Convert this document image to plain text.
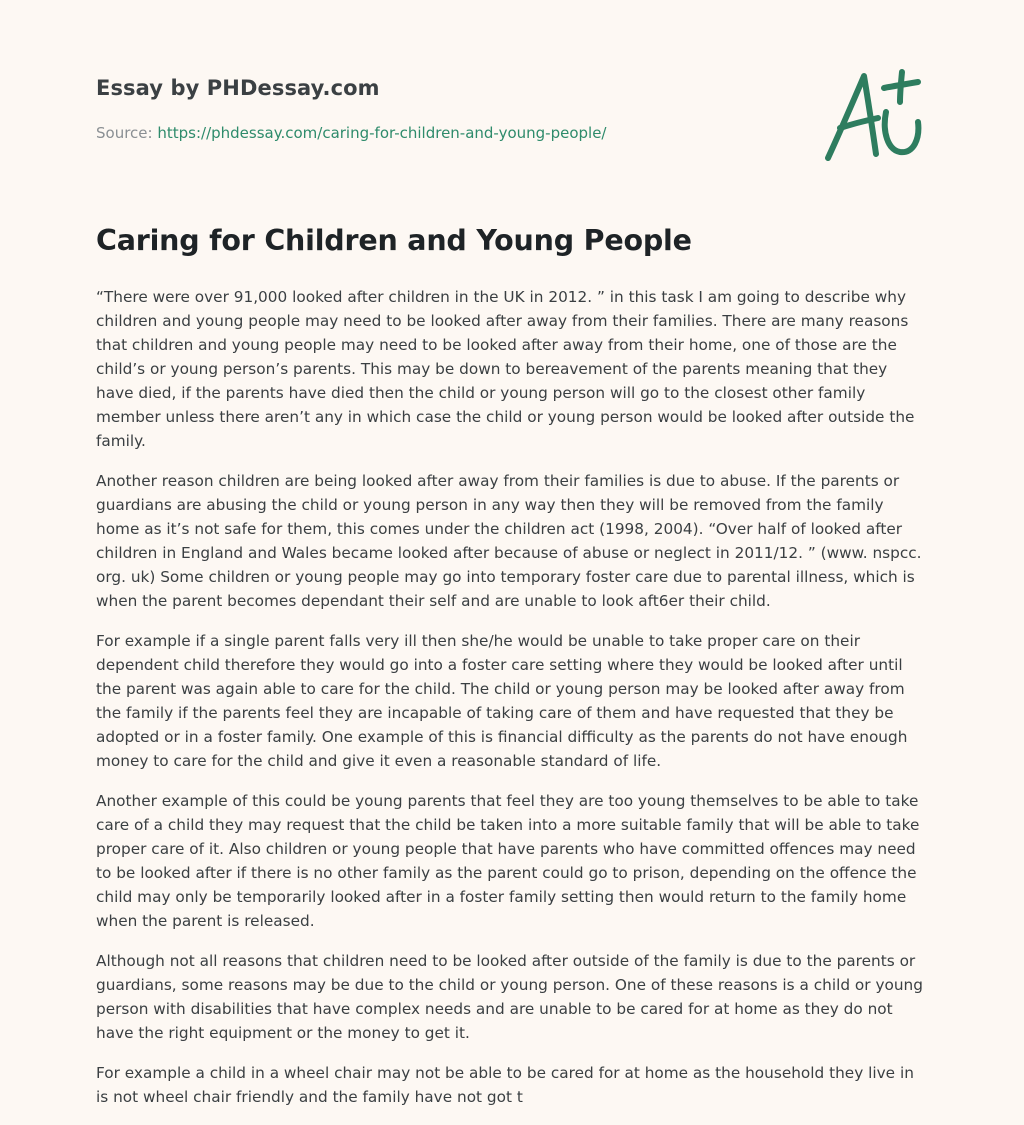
Essay by PHDessay.com
Source: https://phdessay.com/caring-for-children-and-young-people/
Caring for Children and Young People

“There were over 91,000 looked after children in the UK in 2012. ” in this task I am going to describe why children and young people may need to be looked after away from their families. There are many reasons that children and young people may need to be looked after away from their home, one of those are the child’s or young person’s parents. This may be down to bereavement of the parents meaning that they have died, if the parents have died then the child or young person will go to the closest other family member unless there aren’t any in which case the child or young person would be looked after outside the family.

Another reason children are being looked after away from their families is due to abuse. If the parents or guardians are abusing the child or young person in any way then they will be removed from the family home as it’s not safe for them, this comes under the children act (1998, 2004). “Over half of looked after children in England and Wales became looked after because of abuse or neglect in 2011/12. ” (www. nspcc. org. uk) Some children or young people may go into temporary foster care due to parental illness, which is when the parent becomes dependant their self and are unable to look aft6er their child.

For example if a single parent falls very ill then she/he would be unable to take proper care on their dependent child therefore they would go into a foster care setting where they would be looked after until the parent was again able to care for the child. The child or young person may be looked after away from the family if the parents feel they are incapable of taking care of them and have requested that they be adopted or in a foster family. One example of this is financial difficulty as the parents do not have enough money to care for the child and give it even a reasonable standard of life.

Another example of this could be young parents that feel they are too young themselves to be able to take care of a child they may request that the child be taken into a more suitable family that will be able to take proper care of it. Also children or young people that have parents who have committed offences may need to be looked after if there is no other family as the parent could go to prison, depending on the offence the child may only be temporarily looked after in a foster family setting then would return to the family home when the parent is released.

Although not all reasons that children need to be looked after outside of the family is due to the parents or guardians, some reasons may be due to the child or young person. One of these reasons is a child or young person with disabilities that have complex needs and are unable to be cared for at home as they do not have the right equipment or the money to get it.

For example a child in a wheel chair may not be able to be cared for at home as the household they live in is not wheel chair friendly and the family have not got t
